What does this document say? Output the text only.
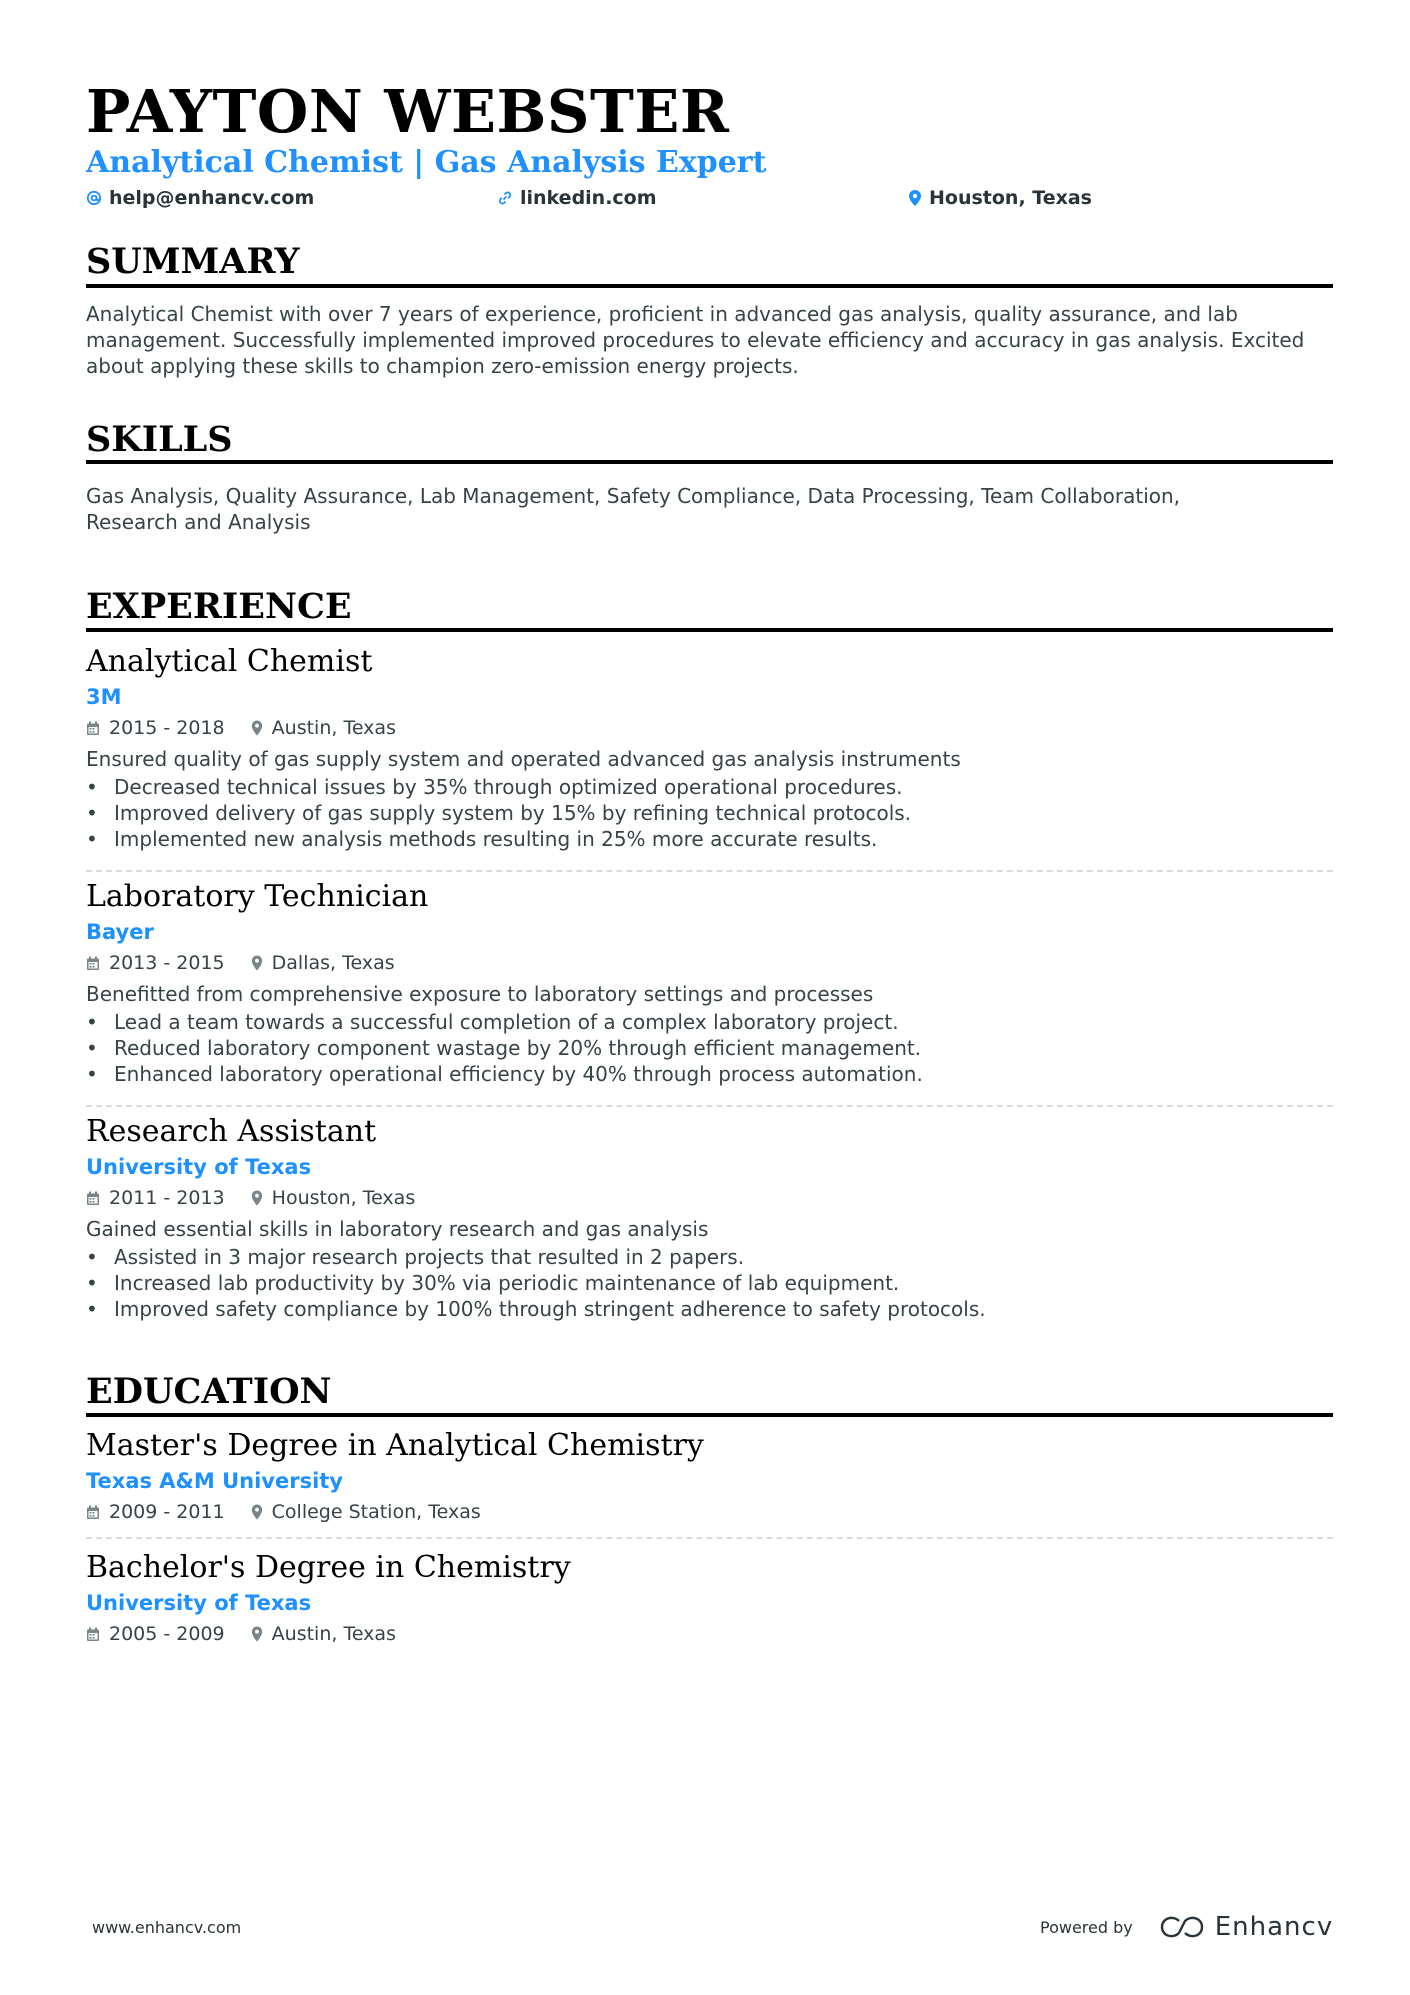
PAYTON WEBSTER
Analytical Chemist | Gas Analysis Expert
help@enhancv.com	linkedin.com	Houston, Texas
SUMMARY
Analytical Chemist with over 7 years of experience, proficient in advanced gas analysis, quality assurance, and lab
management. Successfully implemented improved procedures to elevate efficiency and accuracy in gas analysis. Excited
about applying these skills to champion zero-emission energy projects.
SKILLS
Gas Analysis, Quality Assurance, Lab Management, Safety Compliance, Data Processing, Team Collaboration,
Research and Analysis
EXPERIENCE
Analytical Chemist
3M
2015 - 2018 Austin, Texas
Ensured quality of gas supply system and operated advanced gas analysis instruments
• Decreased technical issues by 35% through optimized operational procedures.
• Improved delivery of gas supply system by 15% by refining technical protocols.
• Implemented new analysis methods resulting in 25% more accurate results.
Laboratory Technician
Bayer
2013 - 2015 Dallas, Texas
Benefitted from comprehensive exposure to laboratory settings and processes
• Lead a team towards a successful completion of a complex laboratory project.
• Reduced laboratory component wastage by 20% through efficient management.
• Enhanced laboratory operational efficiency by 40% through process automation.
Research Assistant
University of Texas
2011 - 2013 Houston, Texas
Gained essential skills in laboratory research and gas analysis
• Assisted in 3 major research projects that resulted in 2 papers.
• Increased lab productivity by 30% via periodic maintenance of lab equipment.
• Improved safety compliance by 100% through stringent adherence to safety protocols.
EDUCATION
Master's Degree in Analytical Chemistry
Texas A&M University
2009 - 2011 College Station, Texas
Bachelor's Degree in Chemistry
University of Texas
2005 - 2009 Austin, Texas
www.enhancv.com	Powered by	Enhancv
